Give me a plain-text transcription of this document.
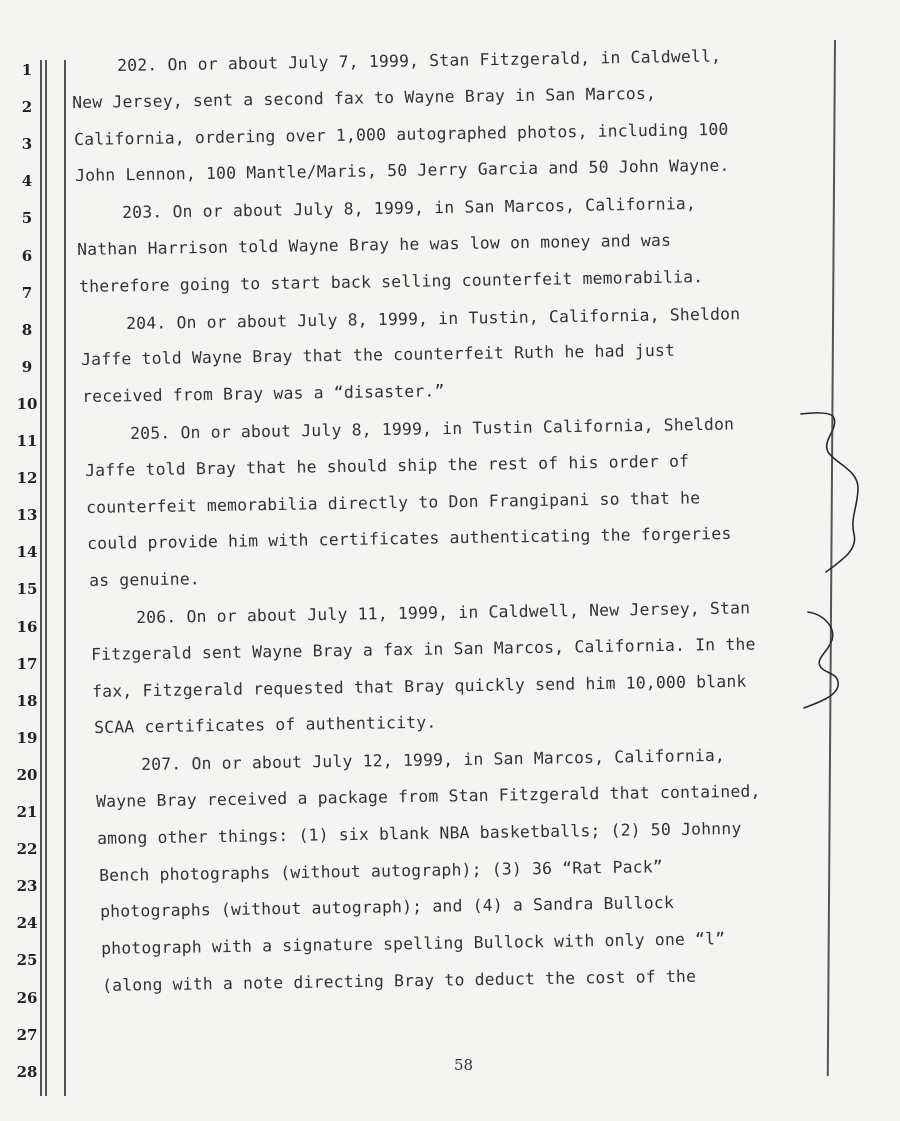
1
2
3
4
5
6
7
8
9
10
11
12
13
14
15
16
17
18
19
20
21
22
23
24
25
26
27
28
202. On or about July 7, 1999, Stan Fitzgerald, in Caldwell,
New Jersey, sent a second fax to Wayne Bray in San Marcos,
California, ordering over 1,000 autographed photos, including 100
John Lennon, 100 Mantle/Maris, 50 Jerry Garcia and 50 John Wayne.
203. On or about July 8, 1999, in San Marcos, California,
Nathan Harrison told Wayne Bray he was low on money and was
therefore going to start back selling counterfeit memorabilia.
204. On or about July 8, 1999, in Tustin, California, Sheldon
Jaffe told Wayne Bray that the counterfeit Ruth he had just
received from Bray was a “disaster.”
205. On or about July 8, 1999, in Tustin California, Sheldon
Jaffe told Bray that he should ship the rest of his order of
counterfeit memorabilia directly to Don Frangipani so that he
could provide him with certificates authenticating the forgeries
as genuine.
206. On or about July 11, 1999, in Caldwell, New Jersey, Stan
Fitzgerald sent Wayne Bray a fax in San Marcos, California. In the
fax, Fitzgerald requested that Bray quickly send him 10,000 blank
SCAA certificates of authenticity.
207. On or about July 12, 1999, in San Marcos, California,
Wayne Bray received a package from Stan Fitzgerald that contained,
among other things: (1) six blank NBA basketballs; (2) 50 Johnny
Bench photographs (without autograph); (3) 36 “Rat Pack”
photographs (without autograph); and (4) a Sandra Bullock
photograph with a signature spelling Bullock with only one “l”
(along with a note directing Bray to deduct the cost of the
58
